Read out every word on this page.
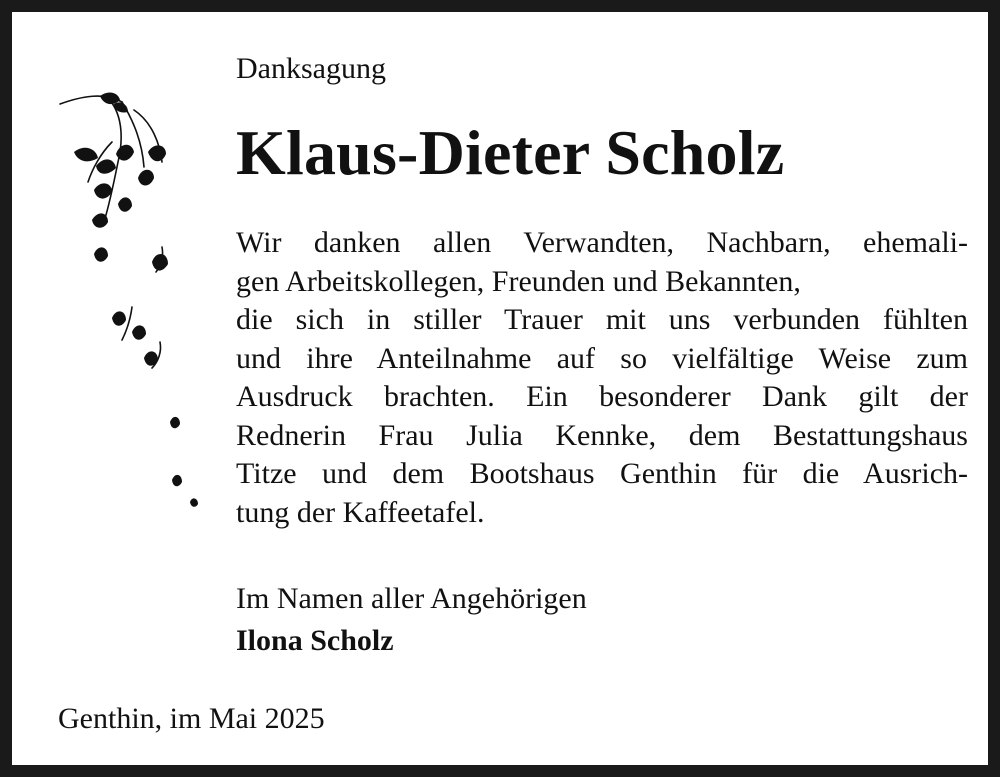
Danksagung
Klaus-Dieter Scholz
Wir danken allen Verwandten, Nachbarn, ehemali-
gen Arbeitskollegen, Freunden und Bekannten,
die sich in stiller Trauer mit uns verbunden fühlten
und ihre Anteilnahme auf so vielfältige Weise zum
Ausdruck brachten. Ein besonderer Dank gilt der
Rednerin Frau Julia Kennke, dem Bestattungshaus
Titze und dem Bootshaus Genthin für die Ausrich-
tung der Kaffeetafel.
Im Namen aller Angehörigen
Ilona Scholz
Genthin, im Mai 2025
